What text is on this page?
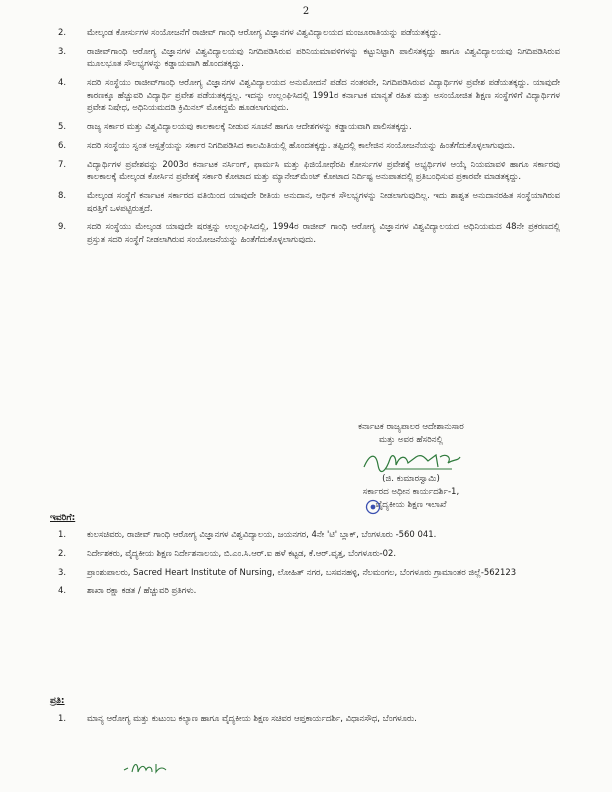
2
2. ಮೇಲ್ಕಂಡ ಕೋರ್ಸುಗಳ ಸಂಯೋಜನೆಗೆ ರಾಜೀವ್ ಗಾಂಧಿ ಆರೋಗ್ಯ ವಿಜ್ಞಾನಗಳ ವಿಶ್ವವಿದ್ಯಾಲಯದ ಮಂಜೂರಾತಿಯನ್ನು ಪಡೆಯತಕ್ಕದ್ದು.
3. ರಾಜೀವ್‌ಗಾಂಧಿ ಆರೋಗ್ಯ ವಿಜ್ಞಾನಗಳ ವಿಶ್ವವಿದ್ಯಾಲಯವು ನಿಗದಿಪಡಿಸಿರುವ ಪರಿನಿಯಮಾವಳಿಗಳನ್ನು ಕಟ್ಟುನಿಟ್ಟಾಗಿ ಪಾಲಿಸತಕ್ಕದ್ದು ಹಾಗೂ ವಿಶ್ವವಿದ್ಯಾಲಯವು ನಿಗದಿಪಡಿಸಿರುವ ಮೂಲಭೂತ ಸೌಲಭ್ಯಗಳನ್ನು ಕಡ್ಡಾಯವಾಗಿ ಹೊಂದತಕ್ಕದ್ದು.
4. ಸದರಿ ಸಂಸ್ಥೆಯು ರಾಜೀವ್‌ಗಾಂಧಿ ಆರೋಗ್ಯ ವಿಜ್ಞಾನಗಳ ವಿಶ್ವವಿದ್ಯಾಲಯದ ಅನುಮೋದನೆ ಪಡೆದ ನಂತರವೇ, ನಿಗದಿಪಡಿಸಿರುವ ವಿದ್ಯಾರ್ಥಿಗಳ ಪ್ರವೇಶ ಪಡೆಯತಕ್ಕದ್ದು. ಯಾವುದೇ ಕಾರಣಕ್ಕೂ ಹೆಚ್ಚುವರಿ ವಿದ್ಯಾರ್ಥಿ ಪ್ರವೇಶ ಪಡೆಯತಕ್ಕದ್ದಲ್ಲ. ಇದನ್ನು ಉಲ್ಲಂಘಿಸಿದಲ್ಲಿ 1991ರ ಕರ್ನಾಟಕ ಮಾನ್ಯತೆ ರಹಿತ ಮತ್ತು ಅಸಂಯೋಜಿತ ಶಿಕ್ಷಣ ಸಂಸ್ಥೆಗಳಿಗೆ ವಿದ್ಯಾರ್ಥಿಗಳ ಪ್ರವೇಶ ನಿಷೇಧ, ಅಧಿನಿಯಮದಡಿ ಕ್ರಿಮಿನಲ್ ಮೊಕದ್ದಮೆ ಹೂಡಲಾಗುವುದು.
5. ರಾಜ್ಯ ಸರ್ಕಾರ ಮತ್ತು ವಿಶ್ವವಿದ್ಯಾಲಯವು ಕಾಲಕಾಲಕ್ಕೆ ನೀಡುವ ಸೂಚನೆ ಹಾಗೂ ಆದೇಶಗಳನ್ನು ಕಡ್ಡಾಯವಾಗಿ ಪಾಲಿಸತಕ್ಕದ್ದು.
6. ಸದರಿ ಸಂಸ್ಥೆಯು ಸ್ವಂತ ಆಸ್ಪತ್ರೆಯನ್ನು ಸರ್ಕಾರ ನಿಗದಿಪಡಿಸಿದ ಕಾಲಮಿತಿಯಲ್ಲಿ ಹೊಂದತಕ್ಕದ್ದು. ತಪ್ಪಿದಲ್ಲಿ ಕಾಲೇಜಿನ ಸಂಯೋಜನೆಯನ್ನು ಹಿಂತೆಗೆದುಕೊಳ್ಳಲಾಗುವುದು.
7. ವಿದ್ಯಾರ್ಥಿಗಳ ಪ್ರವೇಶವನ್ನು 2003ರ ಕರ್ನಾಟಕ ನರ್ಸಿಂಗ್, ಫಾರ್ಮಸಿ ಮತ್ತು ಫಿಜಿಯೋಥೆರಪಿ ಕೋರ್ಸುಗಳ ಪ್ರವೇಶಕ್ಕೆ ಅಭ್ಯರ್ಥಿಗಳ ಆಯ್ಕೆ ನಿಯಮಾವಳಿ ಹಾಗೂ ಸರ್ಕಾರವು ಕಾಲಕಾಲಕ್ಕೆ ಮೇಲ್ಕಂಡ ಕೋರ್ಸಿನ ಪ್ರವೇಶಕ್ಕೆ ಸರ್ಕಾರಿ ಕೋಟಾದ ಮತ್ತು ಮ್ಯಾನೇಜ್‌ಮೆಂಟ್ ಕೋಟಾದ ನಿರ್ದಿಷ್ಟ ಅನುಪಾತದಲ್ಲಿ ಪ್ರತಿಬಂಧಿಸುವ ಪ್ರಕಾರವೇ ಮಾಡತಕ್ಕದ್ದು.
8. ಮೇಲ್ಕಂಡ ಸಂಸ್ಥೆಗೆ ಕರ್ನಾಟಕ ಸರ್ಕಾರದ ವತಿಯಿಂದ ಯಾವುದೇ ರೀತಿಯ ಅನುದಾನ, ಆರ್ಥಿಕ ಸೌಲಭ್ಯಗಳನ್ನು ನೀಡಲಾಗುವುದಿಲ್ಲ. ಇದು ಶಾಶ್ವತ ಅನುದಾನರಹಿತ ಸಂಸ್ಥೆಯಾಗಿರುವ ಷರತ್ತಿಗೆ ಒಳಪಟ್ಟಿರುತ್ತದೆ.
9. ಸದರಿ ಸಂಸ್ಥೆಯು ಮೇಲ್ಕಂಡ ಯಾವುದೇ ಷರತ್ತನ್ನು ಉಲ್ಲಂಘಿಸಿದಲ್ಲಿ, 1994ರ ರಾಜೀವ್ ಗಾಂಧಿ ಆರೋಗ್ಯ ವಿಜ್ಞಾನಗಳ ವಿಶ್ವವಿದ್ಯಾಲಯದ ಅಧಿನಿಯಮದ 48ನೇ ಪ್ರಕರಣದಲ್ಲಿ ಪ್ರಸ್ತುತ ಸದರಿ ಸಂಸ್ಥೆಗೆ ನೀಡಲಾಗಿರುವ ಸಂಯೋಜನೆಯನ್ನು ಹಿಂತೆಗೆದುಕೊಳ್ಳಲಾಗುವುದು.
ಕರ್ನಾಟಕ ರಾಜ್ಯಪಾಲರ ಆದೇಶಾನುಸಾರ
ಮತ್ತು ಅವರ ಹೆಸರಿನಲ್ಲಿ
(ಜಿ. ಕುಮಾರಸ್ವಾಮಿ)
ಸರ್ಕಾರದ ಅಧೀನ ಕಾರ್ಯದರ್ಶಿ-1,
ವೈದ್ಯಕೀಯ ಶಿಕ್ಷಣ ಇಲಾಖೆ
ಇವರಿಗೆ:
1. ಕುಲಸಚಿವರು, ರಾಜೀವ್ ಗಾಂಧಿ ಆರೋಗ್ಯ ವಿಜ್ಞಾನಗಳ ವಿಶ್ವವಿದ್ಯಾಲಯ, ಜಯನಗರ, 4ನೇ 'ಟಿ' ಬ್ಲಾಕ್, ಬೆಂಗಳೂರು -560 041.
2. ನಿರ್ದೇಶಕರು, ವೈದ್ಯಕೀಯ ಶಿಕ್ಷಣ ನಿರ್ದೇಶನಾಲಯ, ಬಿ.ಎಂ.ಸಿ.ಆರ್.ಐ ಹಳೆ ಕಟ್ಟಡ, ಕೆ.ಆರ್.ವೃತ್ತ, ಬೆಂಗಳೂರು-02.
3. ಪ್ರಾಂಶುಪಾಲರು, Sacred Heart Institute of Nursing, ಲೋಹಿತ್ ನಗರ, ಬಸವನಹಳ್ಳಿ, ನೆಲಮಂಗಲ, ಬೆಂಗಳೂರು ಗ್ರಾಮಾಂತರ ಜಿಲ್ಲೆ-562123
4. ಶಾಖಾ ರಕ್ಷಾ ಕಡತ / ಹೆಚ್ಚುವರಿ ಪ್ರತಿಗಳು.
ಪ್ರತಿ:
1. ಮಾನ್ಯ ಆರೋಗ್ಯ ಮತ್ತು ಕುಟುಂಬ ಕಲ್ಯಾಣ ಹಾಗೂ ವೈದ್ಯಕೀಯ ಶಿಕ್ಷಣ ಸಚಿವರ ಆಪ್ತಕಾರ್ಯದರ್ಶಿ, ವಿಧಾನಸೌಧ, ಬೆಂಗಳೂರು.
